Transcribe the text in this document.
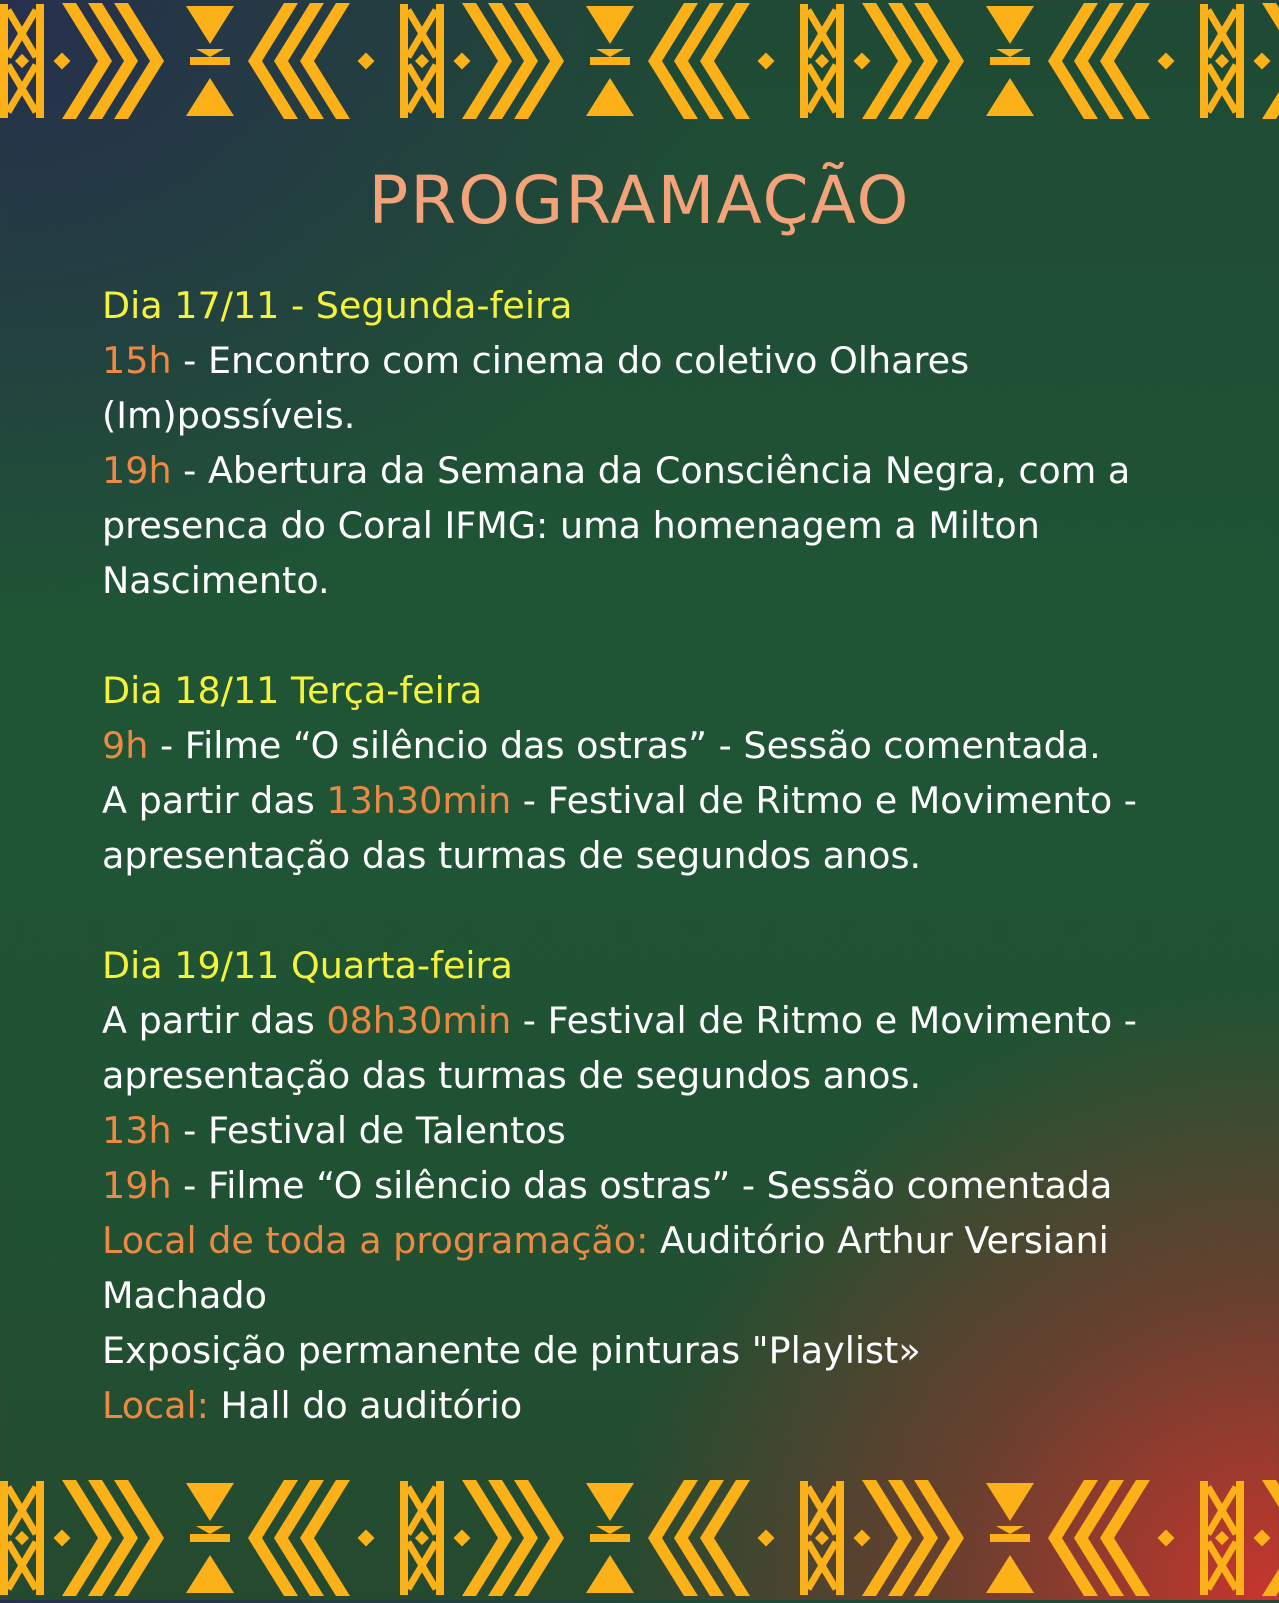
PROGRAMAÇÃO
Dia 17/11 - Segunda-feira
15h - Encontro com cinema do coletivo Olhares
(Im)possíveis.
19h - Abertura da Semana da Consciência Negra, com a
presenca do Coral IFMG: uma homenagem a Milton
Nascimento.
Dia 18/11 Terça-feira
9h - Filme “O silêncio das ostras” - Sessão comentada.
A partir das 13h30min - Festival de Ritmo e Movimento -
apresentação das turmas de segundos anos.
Dia 19/11 Quarta-feira
A partir das 08h30min - Festival de Ritmo e Movimento -
apresentação das turmas de segundos anos.
13h - Festival de Talentos
19h - Filme “O silêncio das ostras” - Sessão comentada
Local de toda a programação: Auditório Arthur Versiani
Machado
Exposição permanente de pinturas "Playlist»
Local: Hall do auditório
